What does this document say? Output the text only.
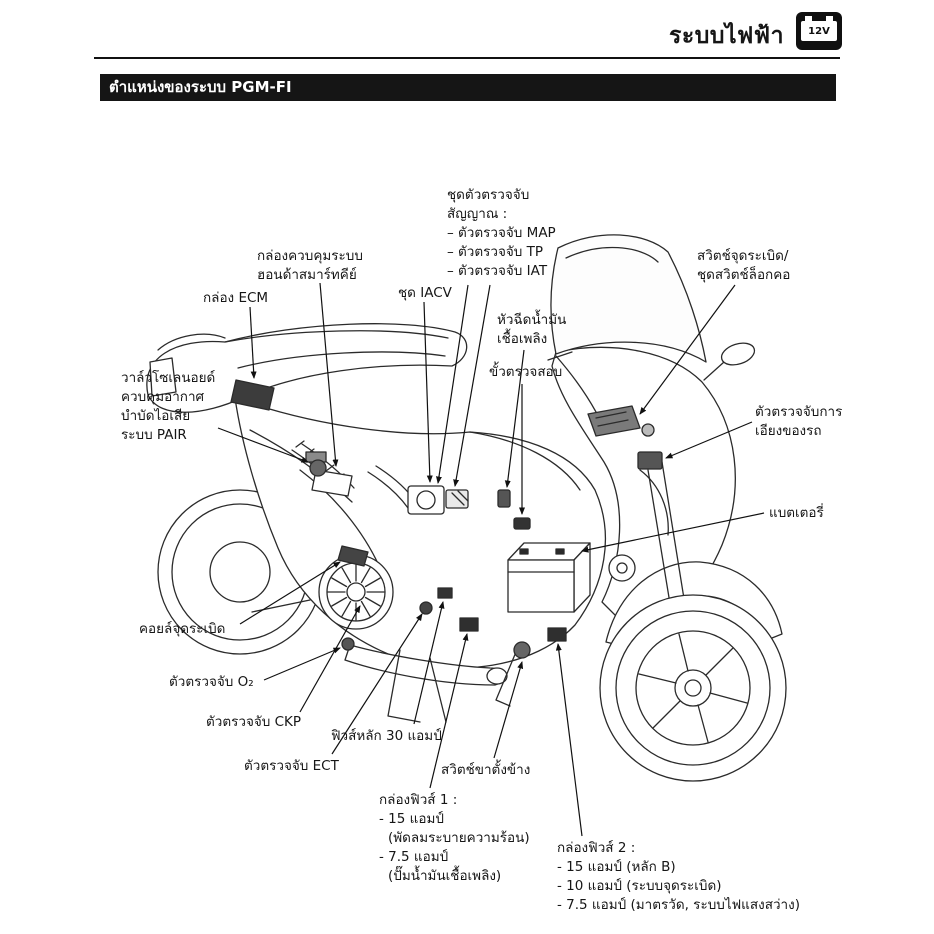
ระบบไฟฟ้า	12V
ตำแหน่งของระบบ PGM-FI
ชุดตัวตรวจจับ
สัญญาณ :
– ตัวตรวจจับ MAP
– ตัวตรวจจับ TP
– ตัวตรวจจับ IAT
กล่องควบคุมระบบ
ฮอนด้าสมาร์ทคีย์
ชุด IACV
กล่อง ECM
หัวฉีดน้ำมัน
เชื้อเพลิง
ขั้วตรวจสอบ
สวิตช์จุดระเบิด/
ชุดสวิตช์ล็อกคอ
ตัวตรวจจับการ
เอียงของรถ
วาล์วโซเลนอยด์
ควบคุมอากาศ
บำบัดไอเสีย
ระบบ PAIR
แบตเตอรี่
คอยล์จุดระเบิด
ตัวตรวจจับ O₂
ตัวตรวจจับ CKP
ฟิวส์หลัก 30 แอมป์
ตัวตรวจจับ ECT	สวิตช์ขาตั้งข้าง
กล่องฟิวส์ 1 :
- 15 แอมป์
(พัดลมระบายความร้อน)
- 7.5 แอมป์
(ปั๊มน้ำมันเชื้อเพลิง)
กล่องฟิวส์ 2 :
- 15 แอมป์ (หลัก B)
- 10 แอมป์ (ระบบจุดระเบิด)
- 7.5 แอมป์ (มาตรวัด, ระบบไฟแสงสว่าง)
